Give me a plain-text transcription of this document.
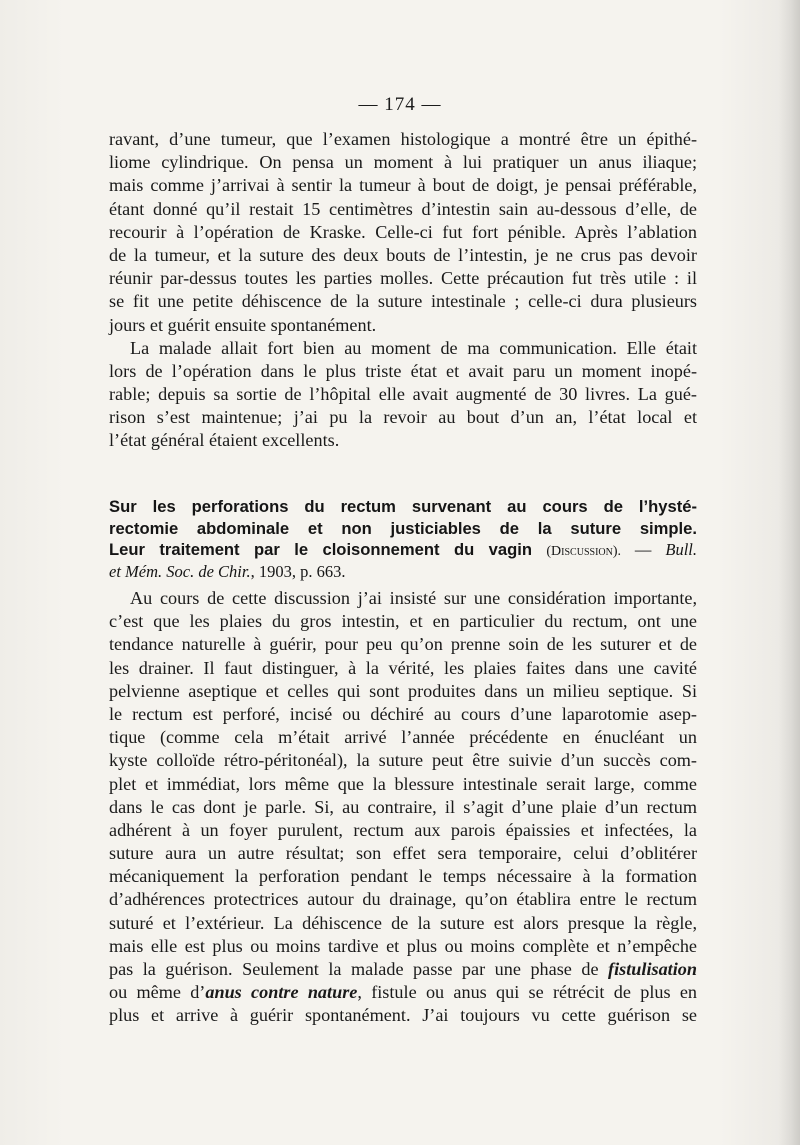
— 174 —
ravant, d’une tumeur, que l’examen histologique a montré être un épithé-
liome cylindrique. On pensa un moment à lui pratiquer un anus iliaque;
mais comme j’arrivai à sentir la tumeur à bout de doigt, je pensai préférable,
étant donné qu’il restait 15 centimètres d’intestin sain au-dessous d’elle, de
recourir à l’opération de Kraske. Celle-ci fut fort pénible. Après l’ablation
de la tumeur, et la suture des deux bouts de l’intestin, je ne crus pas devoir
réunir par-dessus toutes les parties molles. Cette précaution fut très utile : il
se fit une petite déhiscence de la suture intestinale ; celle-ci dura plusieurs
jours et guérit ensuite spontanément.
La malade allait fort bien au moment de ma communication. Elle était
lors de l’opération dans le plus triste état et avait paru un moment inopé-
rable; depuis sa sortie de l’hôpital elle avait augmenté de 30 livres. La gué-
rison s’est maintenue; j’ai pu la revoir au bout d’un an, l’état local et
l’état général étaient excellents.
Sur les perforations du rectum survenant au cours de l’hysté-
rectomie abdominale et non justiciables de la suture simple.
Leur traitement par le cloisonnement du vagin (Discussion). — Bull.
et Mém. Soc. de Chir., 1903, p. 663.
Au cours de cette discussion j’ai insisté sur une considération importante,
c’est que les plaies du gros intestin, et en particulier du rectum, ont une
tendance naturelle à guérir, pour peu qu’on prenne soin de les suturer et de
les drainer. Il faut distinguer, à la vérité, les plaies faites dans une cavité
pelvienne aseptique et celles qui sont produites dans un milieu septique. Si
le rectum est perforé, incisé ou déchiré au cours d’une laparotomie asep-
tique (comme cela m’était arrivé l’année précédente en énucléant un
kyste colloïde rétro-péritonéal), la suture peut être suivie d’un succès com-
plet et immédiat, lors même que la blessure intestinale serait large, comme
dans le cas dont je parle. Si, au contraire, il s’agit d’une plaie d’un rectum
adhérent à un foyer purulent, rectum aux parois épaissies et infectées, la
suture aura un autre résultat; son effet sera temporaire, celui d’oblitérer
mécaniquement la perforation pendant le temps nécessaire à la formation
d’adhérences protectrices autour du drainage, qu’on établira entre le rectum
suturé et l’extérieur. La déhiscence de la suture est alors presque la règle,
mais elle est plus ou moins tardive et plus ou moins complète et n’empêche
pas la guérison. Seulement la malade passe par une phase de fistulisation
ou même d’anus contre nature, fistule ou anus qui se rétrécit de plus en
plus et arrive à guérir spontanément. J’ai toujours vu cette guérison se
